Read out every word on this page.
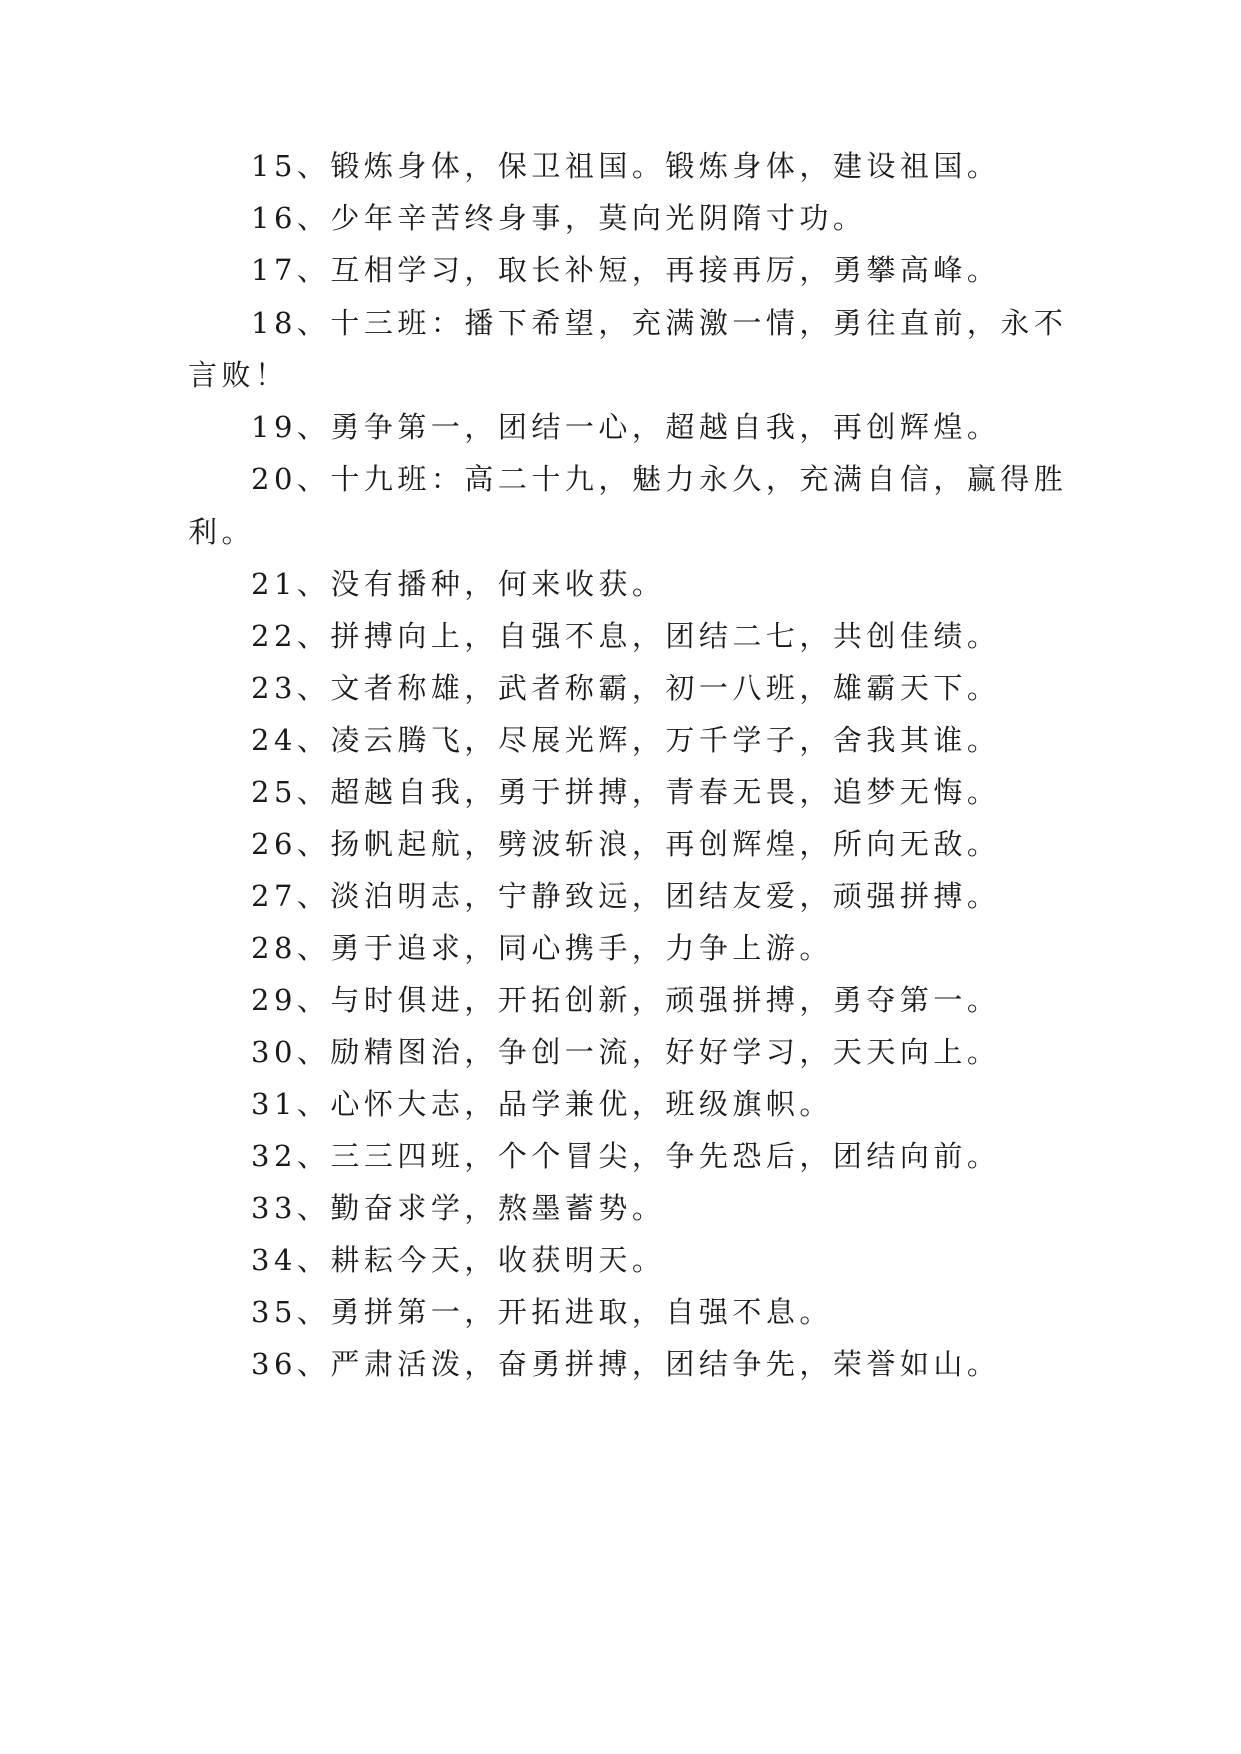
15、锻炼身体，保卫祖国。锻炼身体，建设祖国。
16、少年辛苦终身事，莫向光阴隋寸功。
17、互相学习，取长补短，再接再厉，勇攀高峰。
18、十三班：播下希望，充满激一情，勇往直前，永不
言败！
19、勇争第一，团结一心，超越自我，再创辉煌。
20、十九班：高二十九，魅力永久，充满自信，赢得胜
利。
21、没有播种，何来收获。
22、拼搏向上，自强不息，团结二七，共创佳绩。
23、文者称雄，武者称霸，初一八班，雄霸天下。
24、凌云腾飞，尽展光辉，万千学子，舍我其谁。
25、超越自我，勇于拼搏，青春无畏，追梦无悔。
26、扬帆起航，劈波斩浪，再创辉煌，所向无敌。
27、淡泊明志，宁静致远，团结友爱，顽强拼搏。
28、勇于追求，同心携手，力争上游。
29、与时俱进，开拓创新，顽强拼搏，勇夺第一。
30、励精图治，争创一流，好好学习，天天向上。
31、心怀大志，品学兼优，班级旗帜。
32、三三四班，个个冒尖，争先恐后，团结向前。
33、勤奋求学，熬墨蓄势。
34、耕耘今天，收获明天。
35、勇拼第一，开拓进取，自强不息。
36、严肃活泼，奋勇拼搏，团结争先，荣誉如山。
